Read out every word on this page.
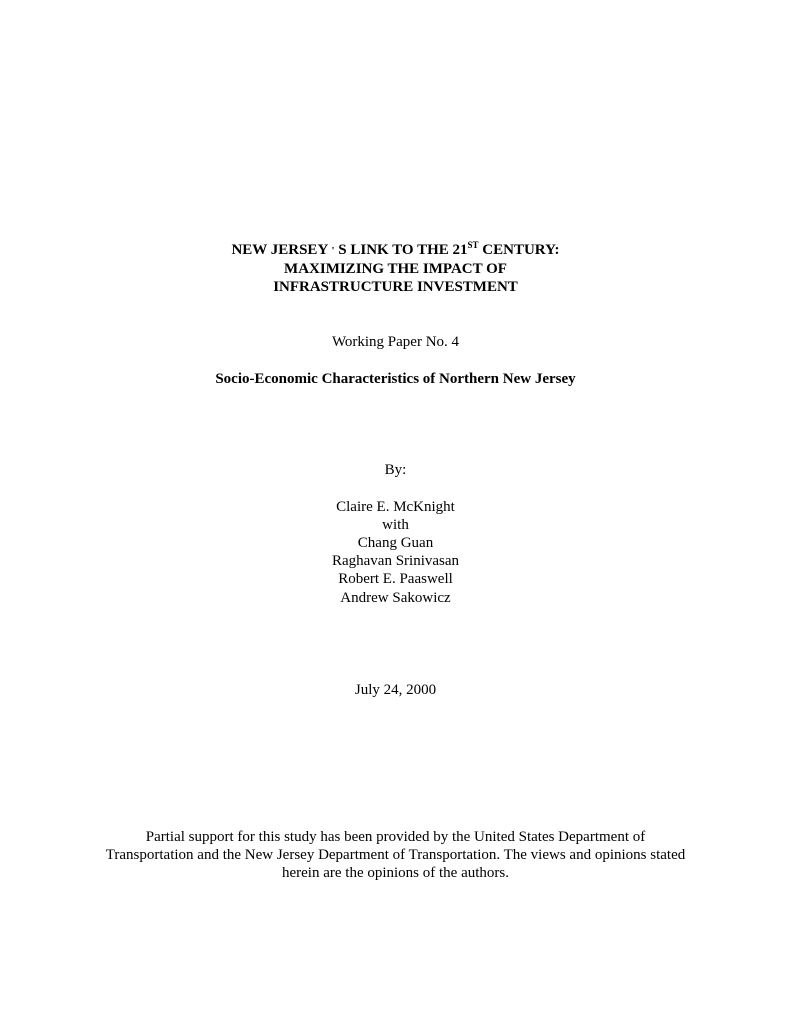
NEW JERSEY ' S LINK TO THE 21ST CENTURY:
MAXIMIZING THE IMPACT OF
INFRASTRUCTURE INVESTMENT
Working Paper No. 4
Socio-Economic Characteristics of Northern New Jersey
By:
Claire E. McKnight
with
Chang Guan
Raghavan Srinivasan
Robert E. Paaswell
Andrew Sakowicz
July 24, 2000
Partial support for this study has been provided by the United States Department of
Transportation and the New Jersey Department of Transportation. The views and opinions stated
herein are the opinions of the authors.
